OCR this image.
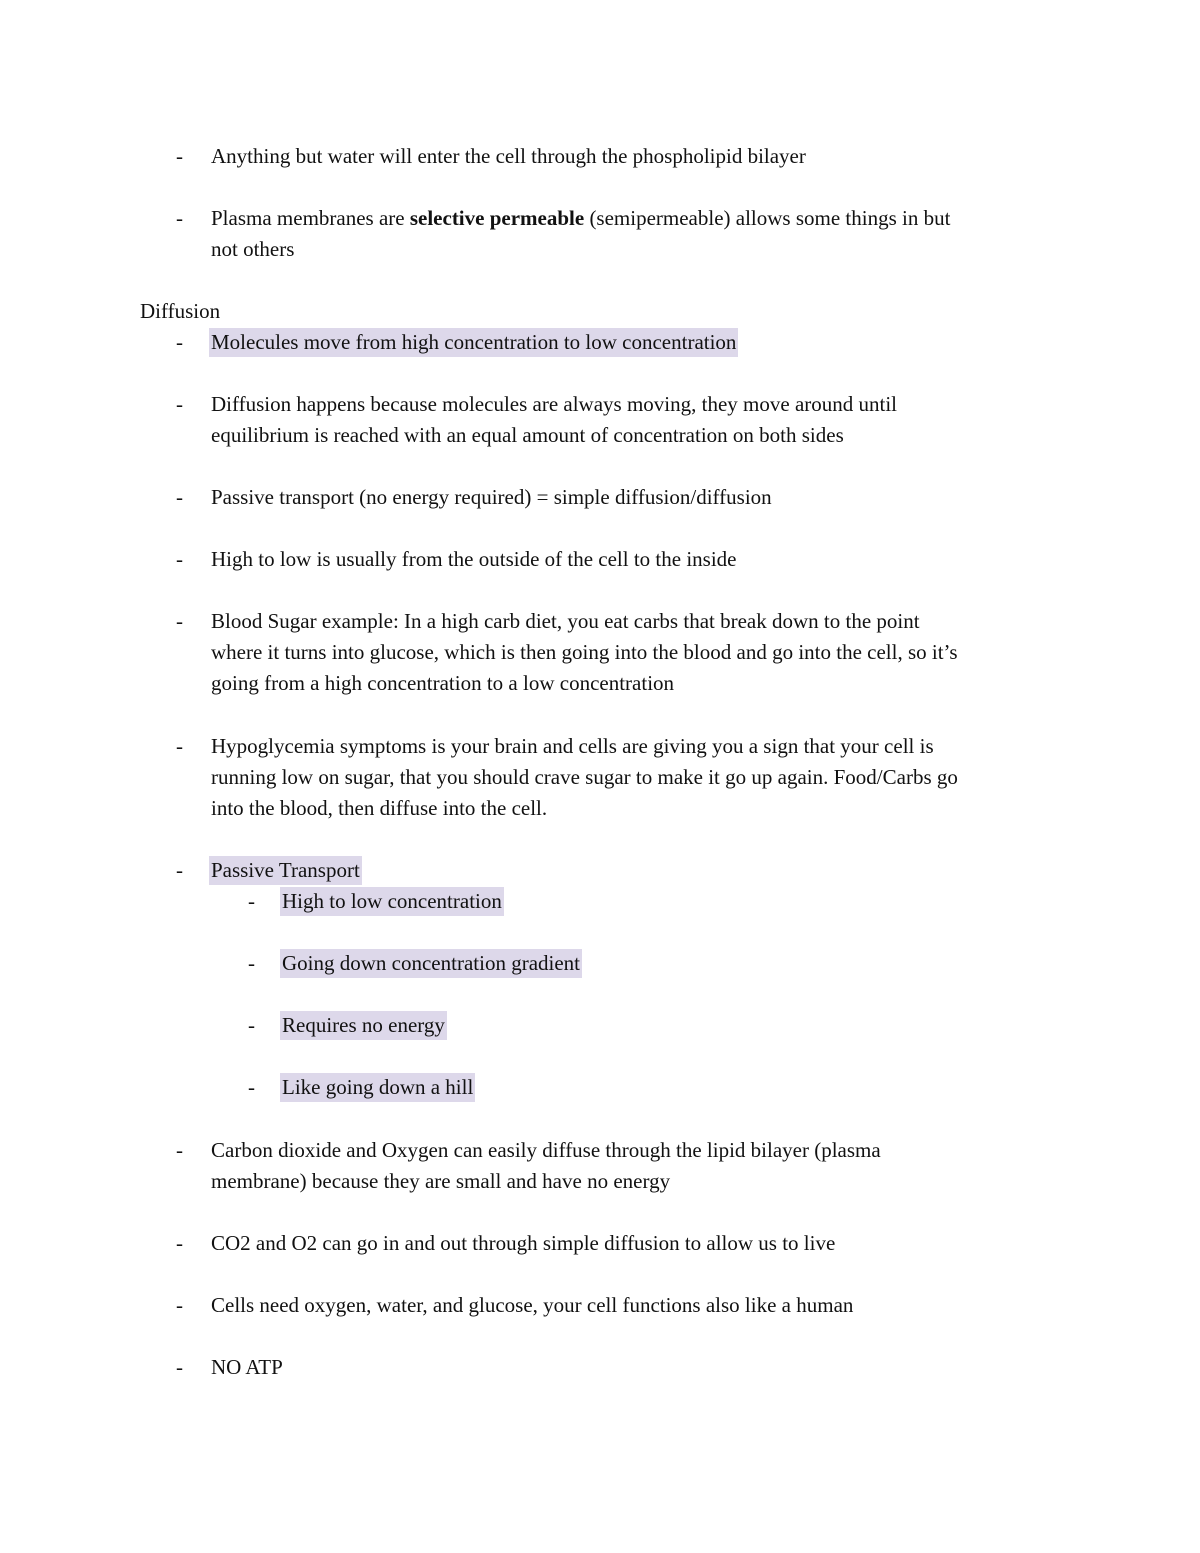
- Anything but water will enter the cell through the phospholipid bilayer
- Plasma membranes are selective permeable (semipermeable) allows some things in but
not others
Diffusion
- Molecules move from high concentration to low concentration
- Diffusion happens because molecules are always moving, they move around until
equilibrium is reached with an equal amount of concentration on both sides
- Passive transport (no energy required) = simple diffusion/diffusion
- High to low is usually from the outside of the cell to the inside
- Blood Sugar example: In a high carb diet, you eat carbs that break down to the point
where it turns into glucose, which is then going into the blood and go into the cell, so it’s
going from a high concentration to a low concentration
- Hypoglycemia symptoms is your brain and cells are giving you a sign that your cell is
running low on sugar, that you should crave sugar to make it go up again. Food/Carbs go
into the blood, then diffuse into the cell.
- Passive Transport
- High to low concentration
- Going down concentration gradient
- Requires no energy
- Like going down a hill
- Carbon dioxide and Oxygen can easily diffuse through the lipid bilayer (plasma
membrane) because they are small and have no energy
- CO2 and O2 can go in and out through simple diffusion to allow us to live
- Cells need oxygen, water, and glucose, your cell functions also like a human
- NO ATP
